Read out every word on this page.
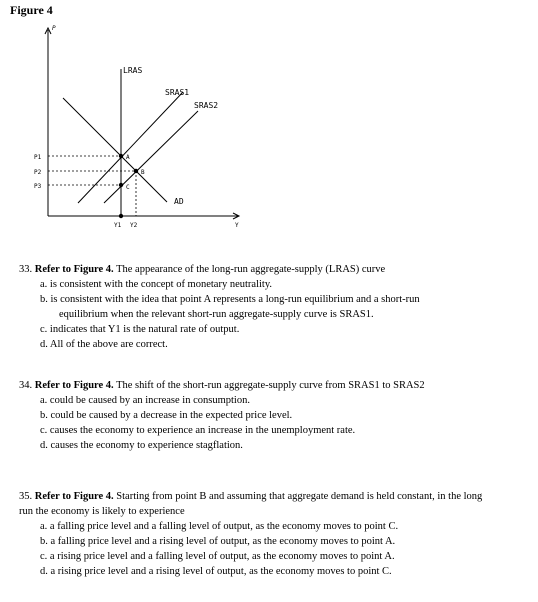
Figure 4
P
Y
LRAS
SRAS1
SRAS2
AD
P1
P2
P3
A
B
C
Y1 Y2
33. Refer to Figure 4. The appearance of the long-run aggregate-supply (LRAS) curve
a. is consistent with the concept of monetary neutrality.
b. is consistent with the idea that point A represents a long-run equilibrium and a short-run
equilibrium when the relevant short-run aggregate-supply curve is SRAS1.
c. indicates that Y1 is the natural rate of output.
d. All of the above are correct.
34. Refer to Figure 4. The shift of the short-run aggregate-supply curve from SRAS1 to SRAS2
a. could be caused by an increase in consumption.
b. could be caused by a decrease in the expected price level.
c. causes the economy to experience an increase in the unemployment rate.
d. causes the economy to experience stagflation.
35. Refer to Figure 4. Starting from point B and assuming that aggregate demand is held constant, in the long
run the economy is likely to experience
a. a falling price level and a falling level of output, as the economy moves to point C.
b. a falling price level and a rising level of output, as the economy moves to point A.
c. a rising price level and a falling level of output, as the economy moves to point A.
d. a rising price level and a rising level of output, as the economy moves to point C.
